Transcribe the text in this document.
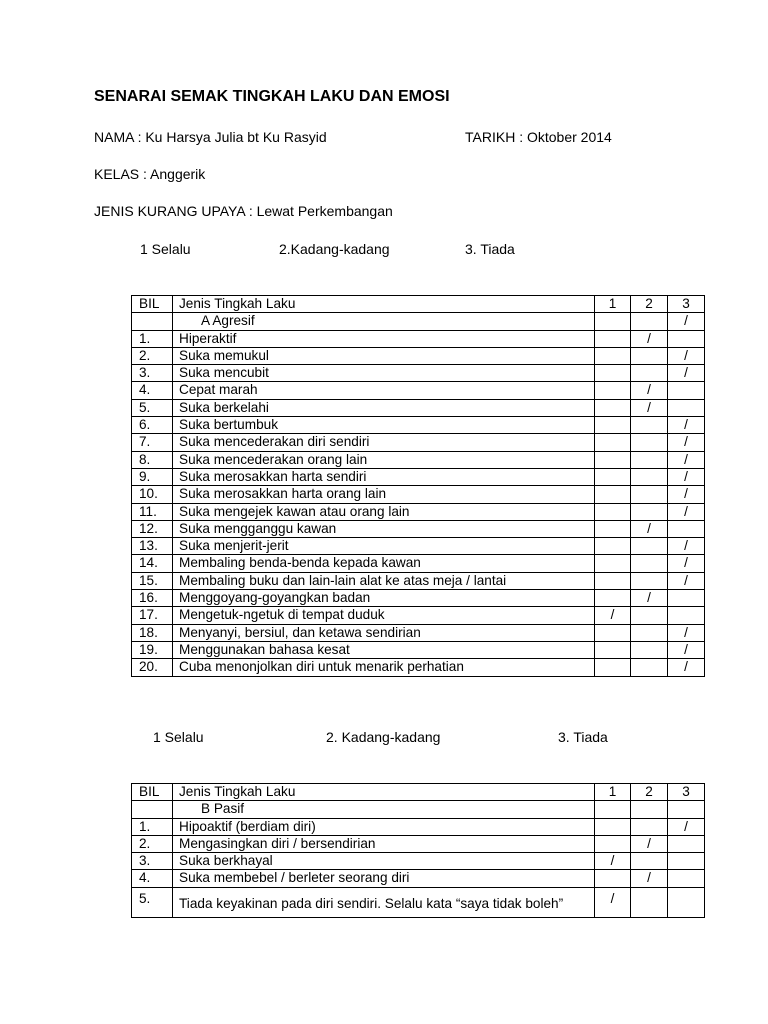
SENARAI SEMAK TINGKAH LAKU DAN EMOSI
NAMA : Ku Harsya Julia bt Ku Rasyid	TARIKH : Oktober 2014
KELAS : Anggerik
JENIS KURANG UPAYA : Lewat Perkembangan
1 Selalu	2.Kadang-kadang	3. Tiada
BIL	Jenis Tingkah Laku	1	2	3
	A Agresif			/
1.	Hiperaktif		/	
2.	Suka memukul			/
3.	Suka mencubit			/
4.	Cepat marah		/	
5.	Suka berkelahi		/	
6.	Suka bertumbuk			/
7.	Suka mencederakan diri sendiri			/
8.	Suka mencederakan orang lain			/
9.	Suka merosakkan harta sendiri			/
10.	Suka merosakkan harta orang lain			/
11.	Suka mengejek kawan atau orang lain			/
12.	Suka mengganggu kawan		/	
13.	Suka menjerit-jerit			/
14.	Membaling benda-benda kepada kawan			/
15.	Membaling buku dan lain-lain alat ke atas meja / lantai			/
16.	Menggoyang-goyangkan badan		/	
17.	Mengetuk-ngetuk di tempat duduk	/		
18.	Menyanyi, bersiul, dan ketawa sendirian			/
19.	Menggunakan bahasa kesat			/
20.	Cuba menonjolkan diri untuk menarik perhatian			/
1 Selalu	2. Kadang-kadang	3. Tiada
BIL	Jenis Tingkah Laku	1	2	3
	B Pasif			
1.	Hipoaktif (berdiam diri)			/
2.	Mengasingkan diri / bersendirian		/	
3.	Suka berkhayal	/		
4.	Suka membebel / berleter seorang diri		/	
5.	Tiada keyakinan pada diri sendiri. Selalu kata “saya tidak boleh”	/		
